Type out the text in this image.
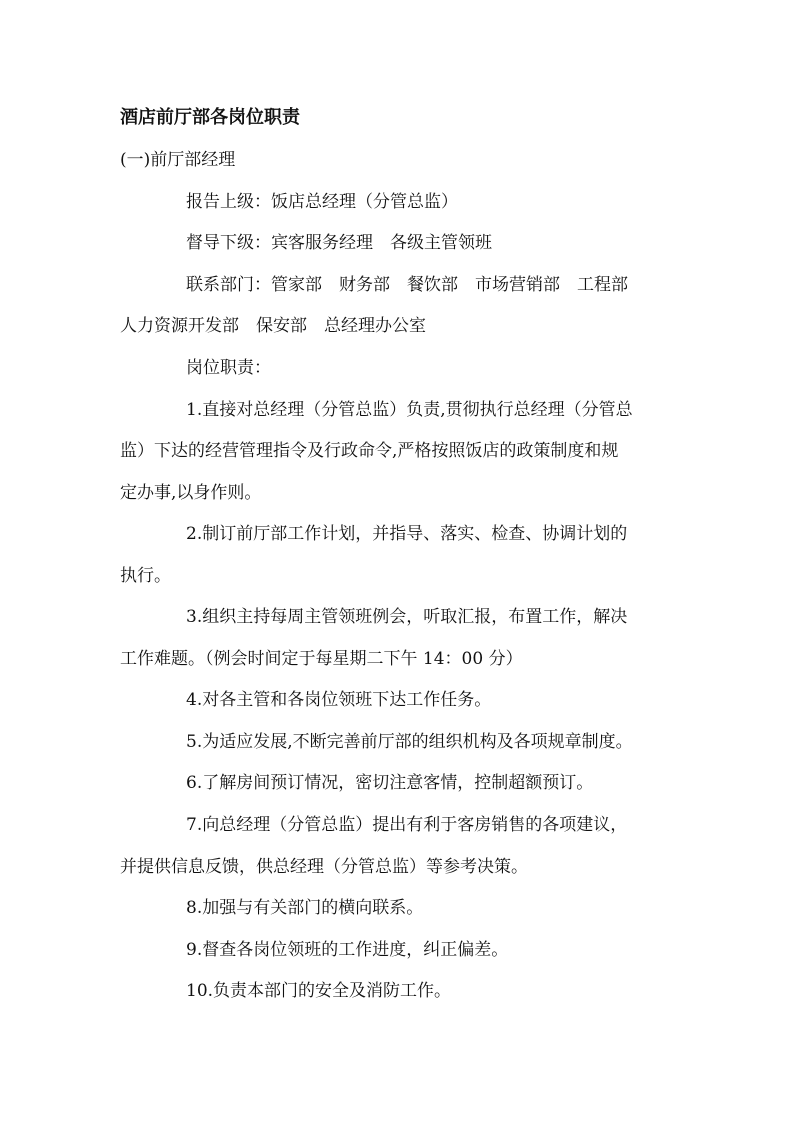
酒店前厅部各岗位职责
(一)前厅部经理
报告上级：饭店总经理（分管总监）
督导下级：宾客服务经理　各级主管领班
联系部门：管家部　财务部　餐饮部　市场营销部　工程部
人力资源开发部　保安部　总经理办公室
岗位职责：
1.直接对总经理（分管总监）负责,贯彻执行总经理（分管总
监）下达的经营管理指令及行政命令,严格按照饭店的政策制度和规
定办事,以身作则。
2.制订前厅部工作计划，并指导、落实、检查、协调计划的
执行。
3.组织主持每周主管领班例会，听取汇报，布置工作，解决
工作难题。（例会时间定于每星期二下午 14：00 分）
4.对各主管和各岗位领班下达工作任务。
5.为适应发展,不断完善前厅部的组织机构及各项规章制度。
6.了解房间预订情况，密切注意客情，控制超额预订。
7.向总经理（分管总监）提出有利于客房销售的各项建议，
并提供信息反馈，供总经理（分管总监）等参考决策。
8.加强与有关部门的横向联系。
9.督查各岗位领班的工作进度，纠正偏差。
10.负责本部门的安全及消防工作。
